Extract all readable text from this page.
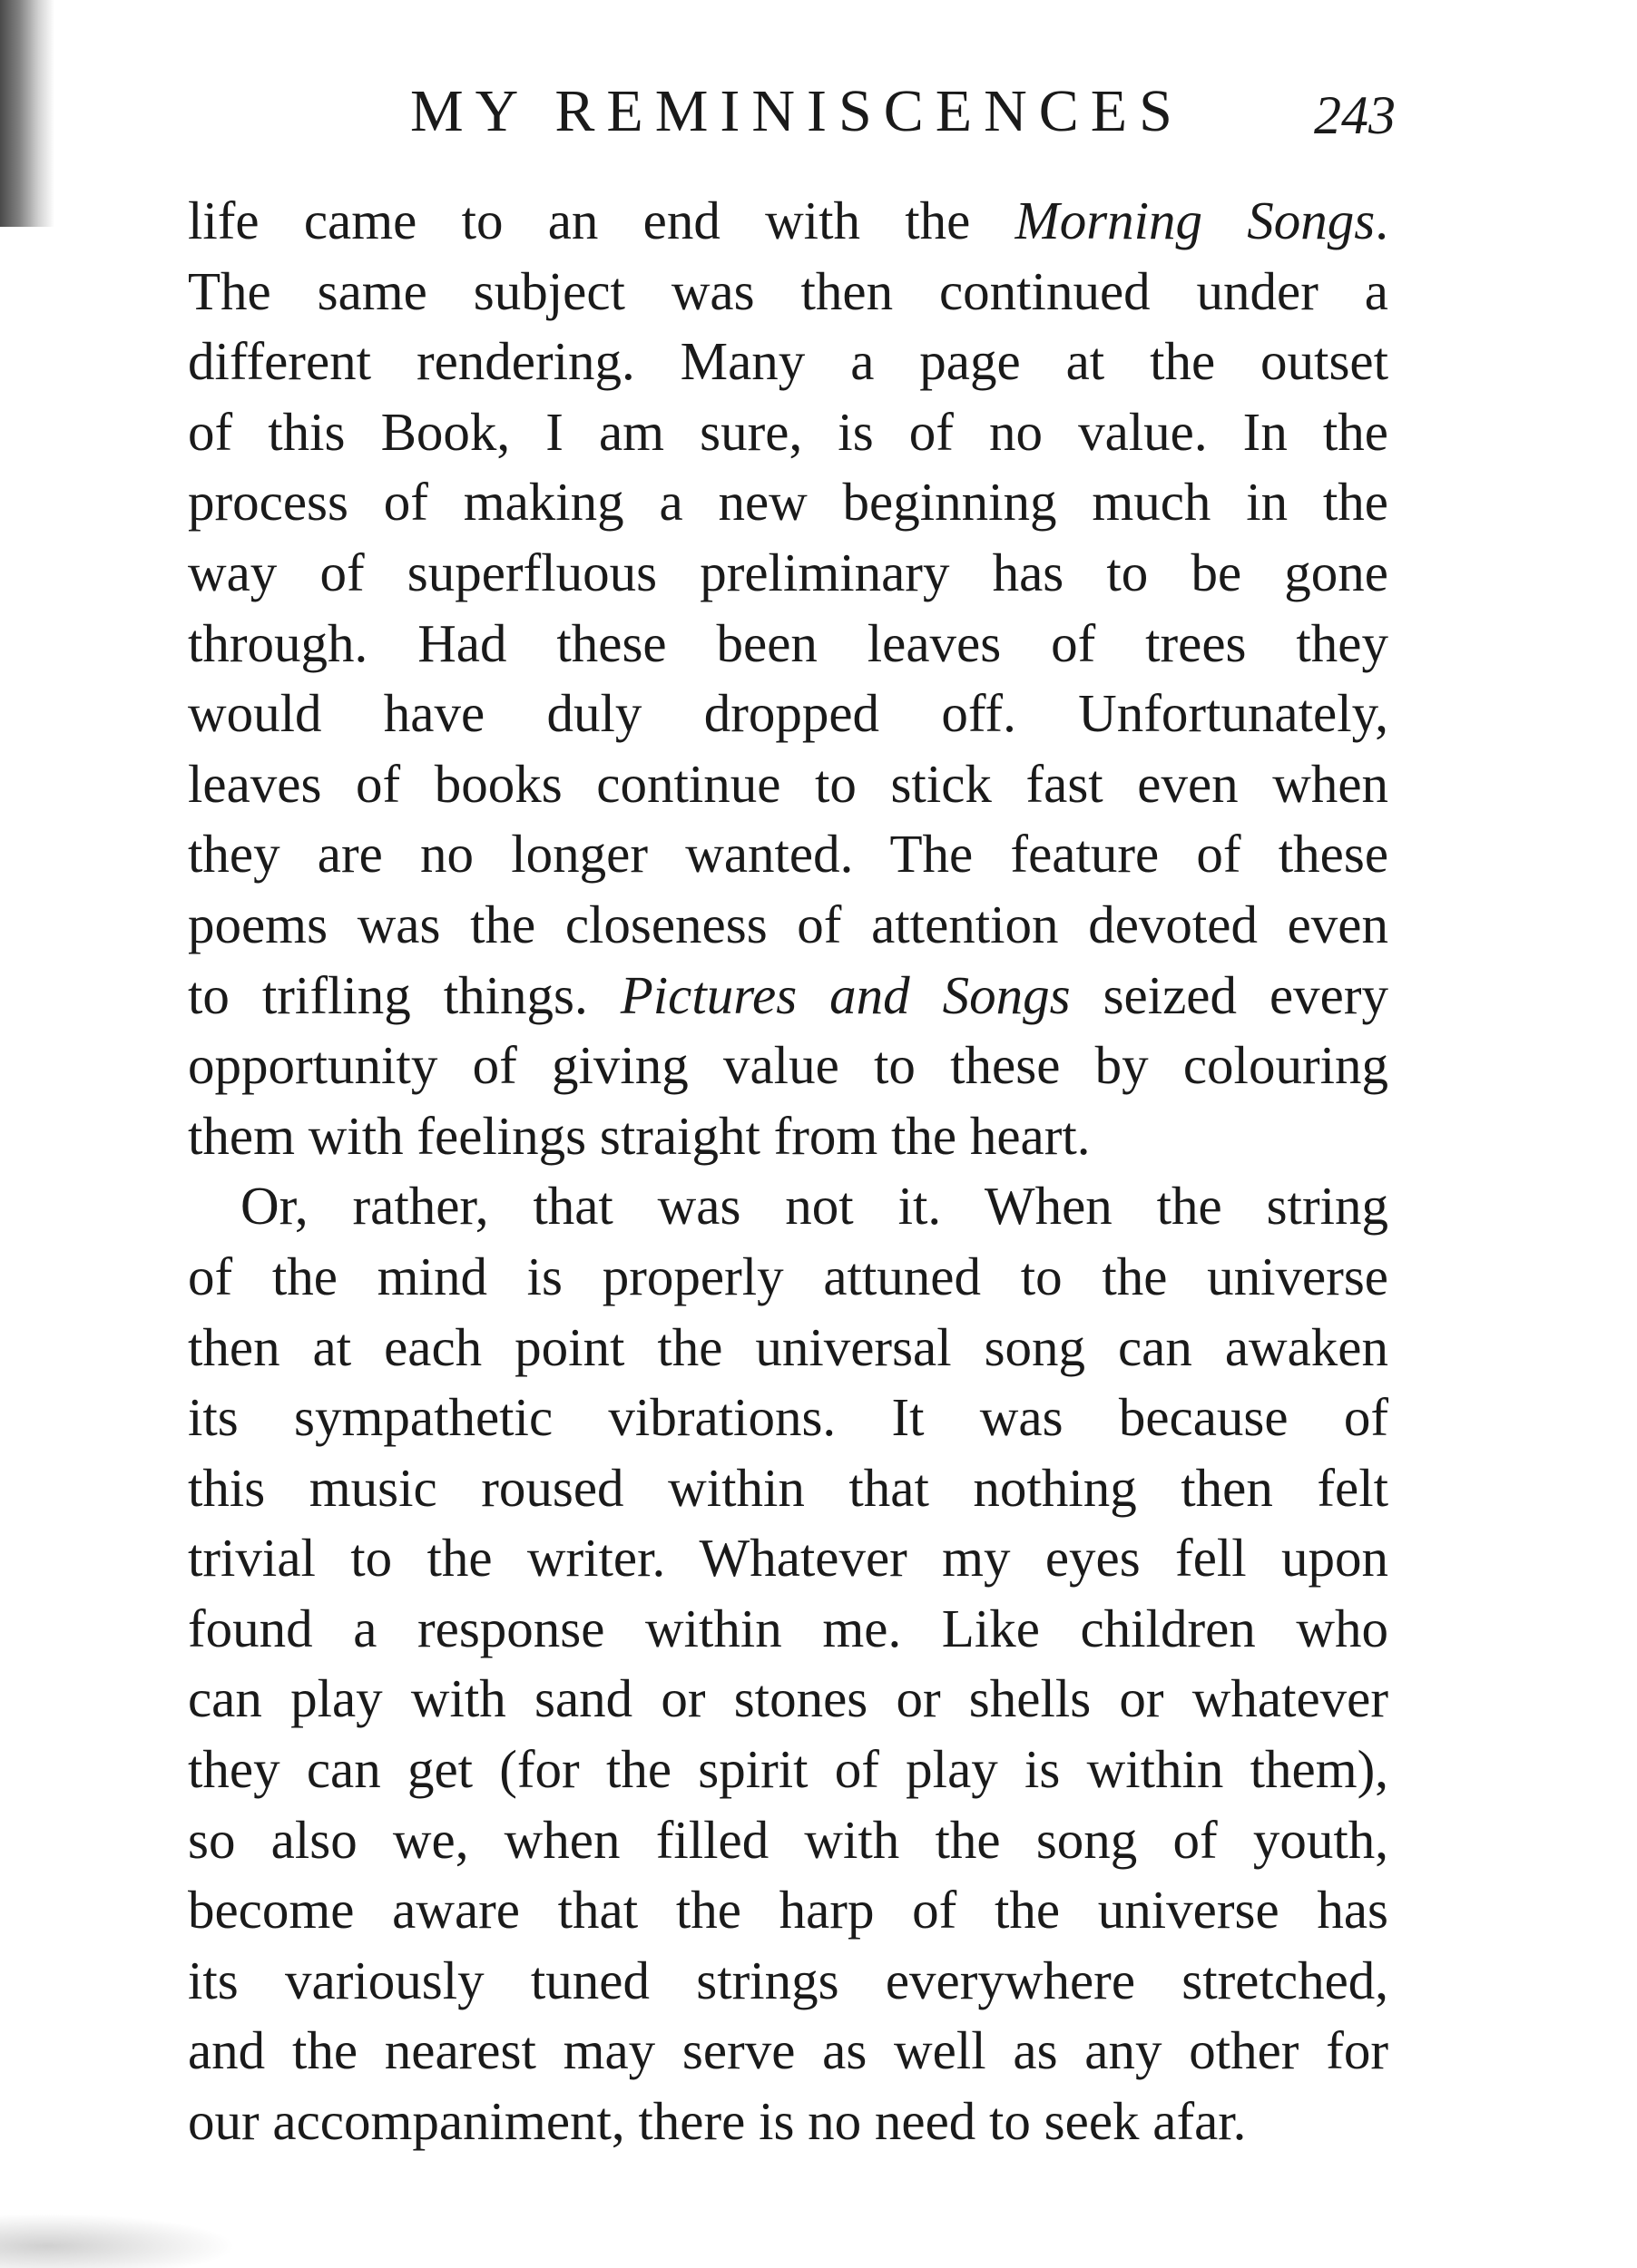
MY REMINISCENCES 243
life came to an end with the Morning Songs.
The same subject was then continued under a
different rendering. Many a page at the outset
of this Book, I am sure, is of no value. In the
process of making a new beginning much in the
way of superfluous preliminary has to be gone
through. Had these been leaves of trees they
would have duly dropped off. Unfortunately,
leaves of books continue to stick fast even when
they are no longer wanted. The feature of these
poems was the closeness of attention devoted even
to trifling things. Pictures and Songs seized every
opportunity of giving value to these by colouring
them with feelings straight from the heart.
Or, rather, that was not it. When the string
of the mind is properly attuned to the universe
then at each point the universal song can awaken
its sympathetic vibrations. It was because of
this music roused within that nothing then felt
trivial to the writer. Whatever my eyes fell upon
found a response within me. Like children who
can play with sand or stones or shells or whatever
they can get (for the spirit of play is within them),
so also we, when filled with the song of youth,
become aware that the harp of the universe has
its variously tuned strings everywhere stretched,
and the nearest may serve as well as any other for
our accompaniment, there is no need to seek afar.
